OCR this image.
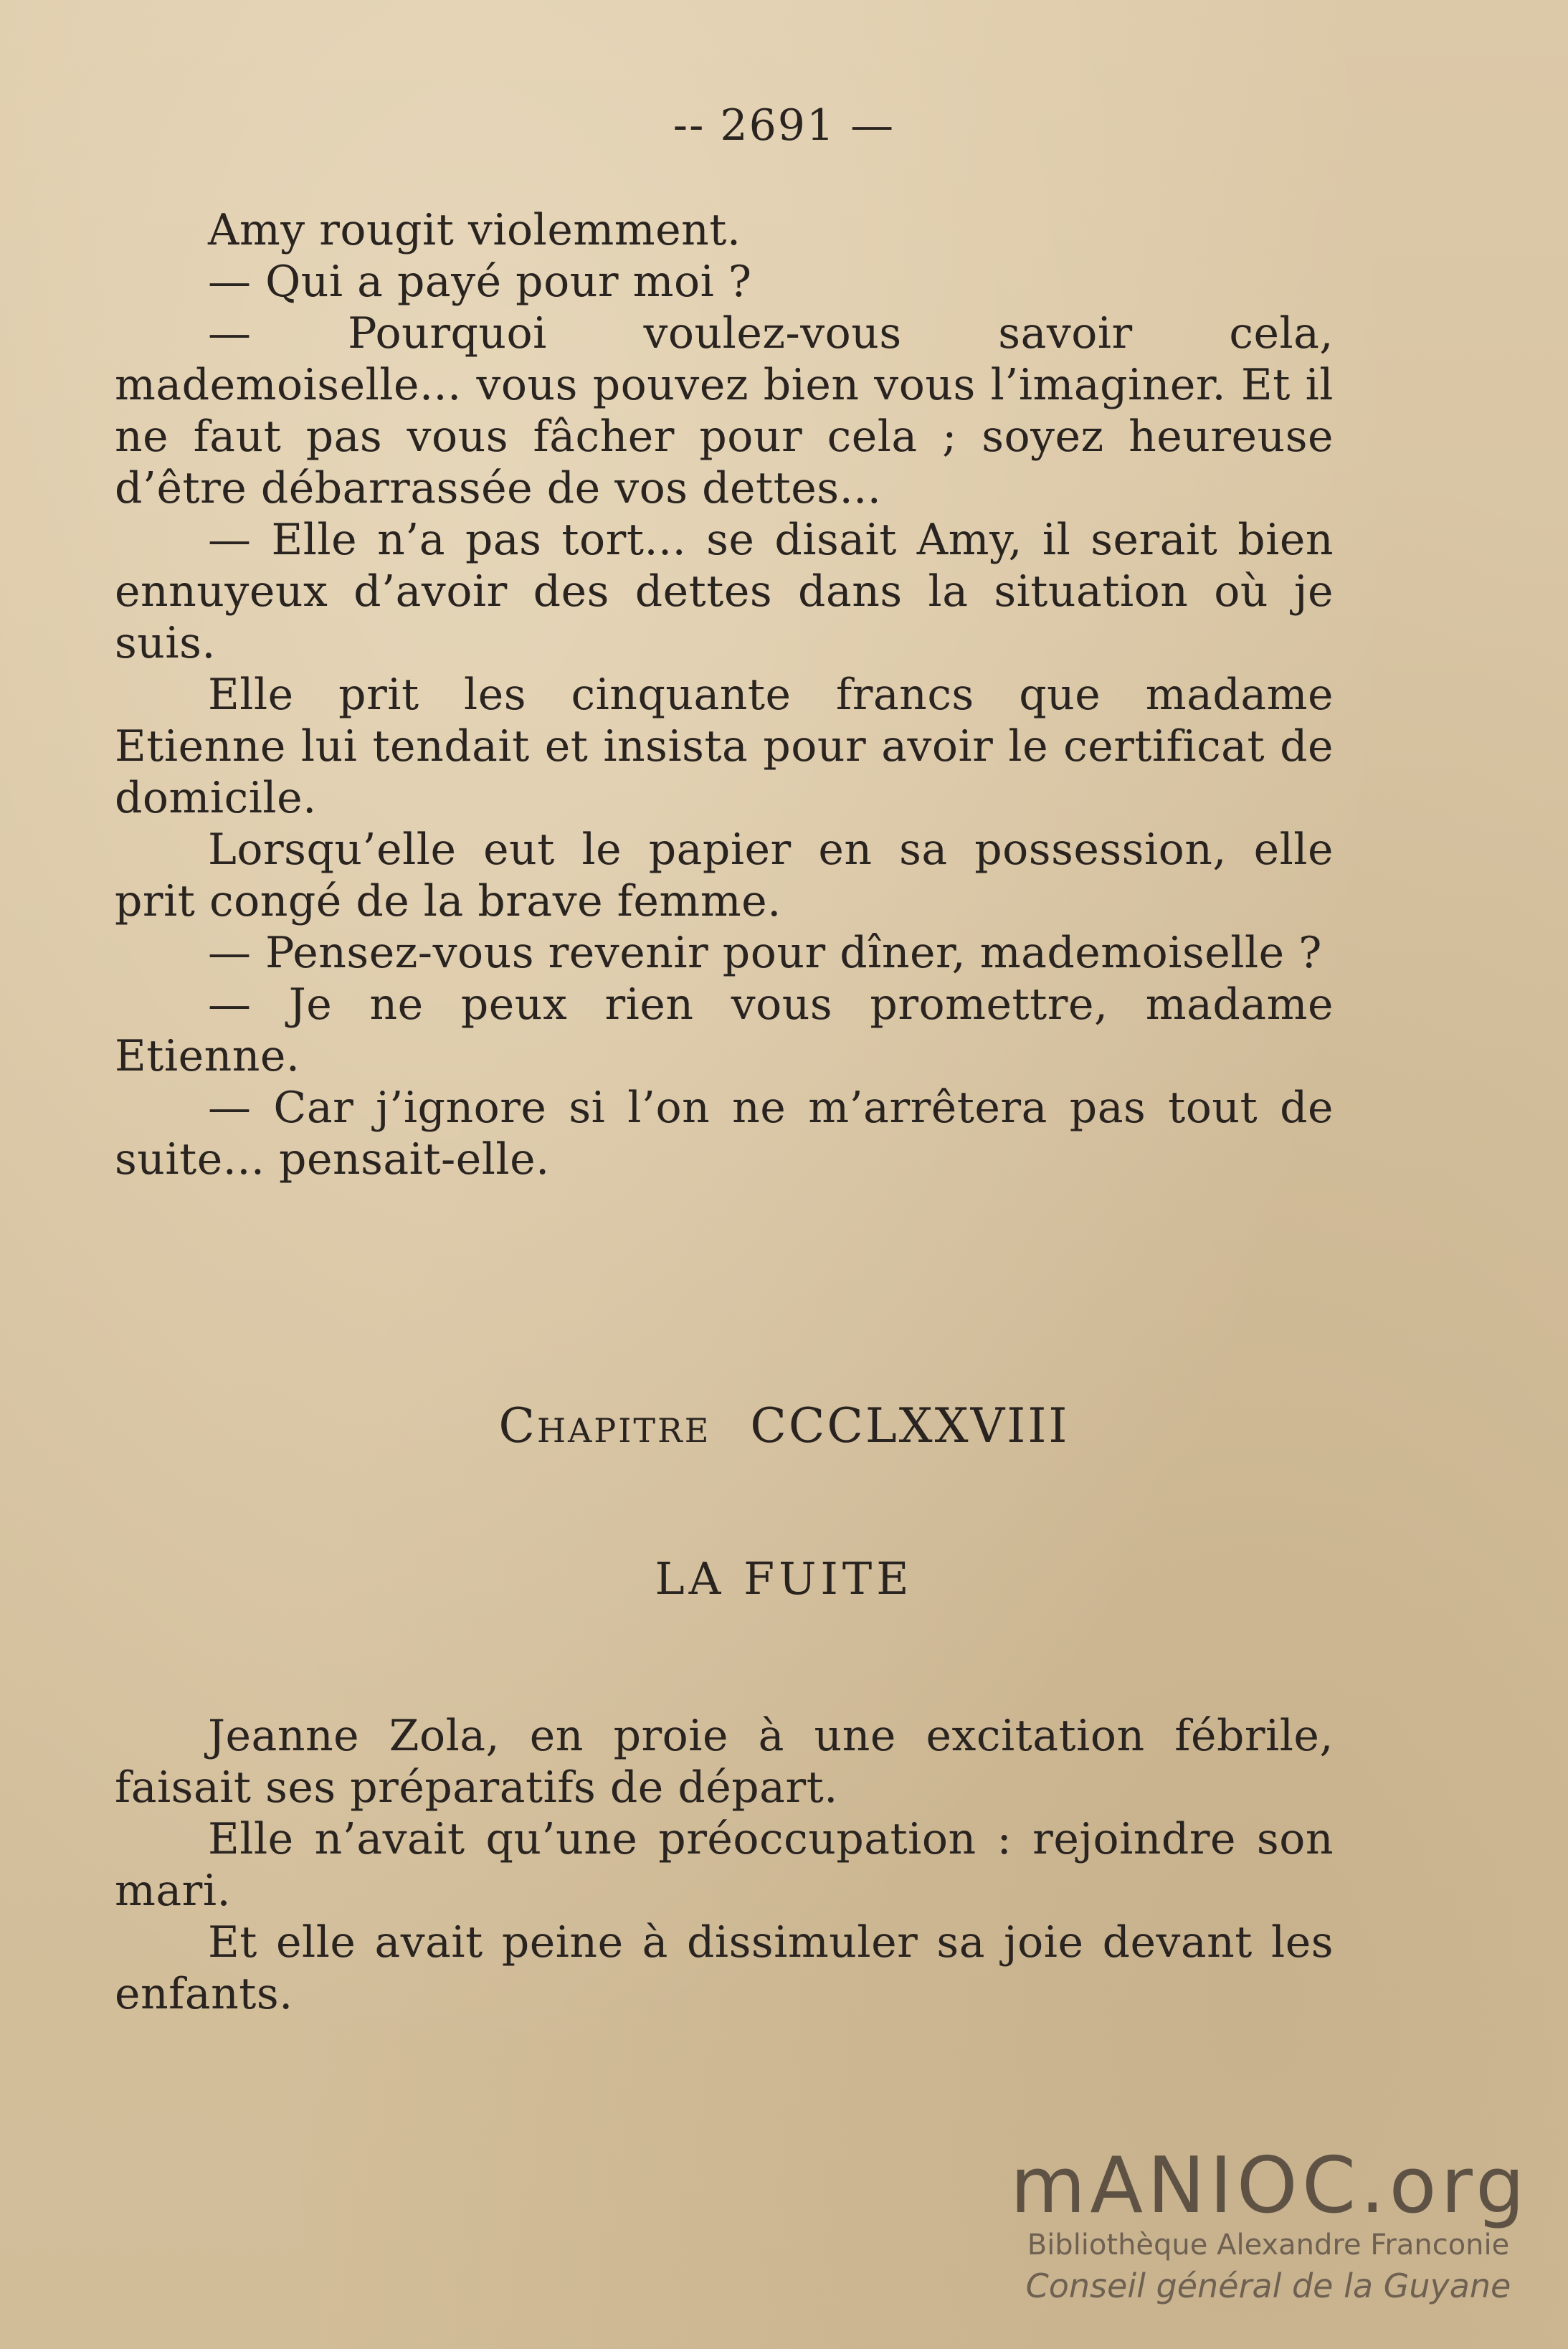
-- 2691 —

Amy rougit violemment.

— Qui a payé pour moi ?

— Pourquoi voulez-vous savoir cela, mademoiselle... vous pouvez bien vous l’imaginer. Et il ne faut pas vous fâcher pour cela ; soyez heureuse d’être débarrassée de vos dettes...

— Elle n’a pas tort... se disait Amy, il serait bien ennuyeux d’avoir des dettes dans la situation où je suis.

Elle prit les cinquante francs que madame Etienne lui tendait et insista pour avoir le certificat de domicile.

Lorsqu’elle eut le papier en sa possession, elle prit congé de la brave femme.

— Pensez-vous revenir pour dîner, mademoiselle ?

— Je ne peux rien vous promettre, madame Etienne.

— Car j’ignore si l’on ne m’arrêtera pas tout de suite... pensait-elle.

Chapitre CCCLXXVIII
LA FUITE

Jeanne Zola, en proie à une excitation fébrile, faisait ses préparatifs de départ.

Elle n’avait qu’une préoccupation : rejoindre son mari.

Et elle avait peine à dissimuler sa joie devant les enfants.

mANIOC.org
Bibliothèque Alexandre Franconie
Conseil général de la Guyane
